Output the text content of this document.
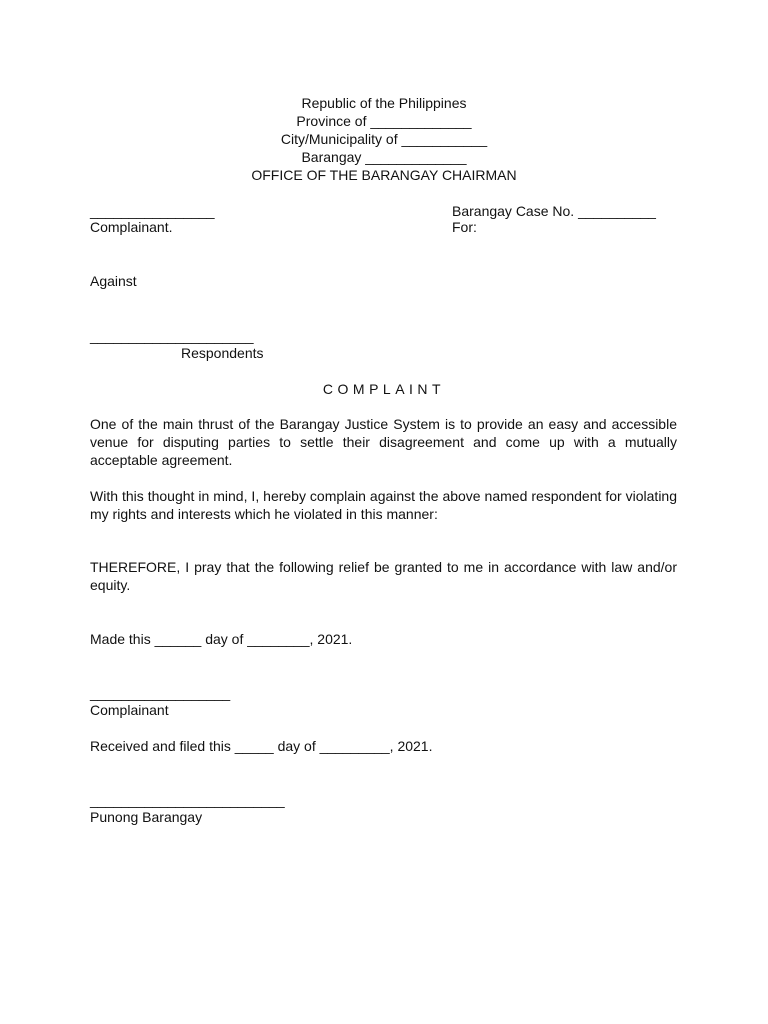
Republic of the Philippines
Province of _____________
City/Municipality of ___________
Barangay _____________
OFFICE OF THE BARANGAY CHAIRMAN
________________
Complainant.
Barangay Case No. __________
For:
Against
_____________________
Respondents
COMPLAINT
One of the main thrust of the Barangay Justice System is to provide an easy and accessible venue for disputing parties to settle their disagreement and come up with a mutually acceptable agreement.
With this thought in mind, I, hereby complain against the above named respondent for violating my rights and interests which he violated in this manner:
THEREFORE, I pray that the following relief be granted to me in accordance with law and/or equity.
Made this ______ day of ________, 2021.
__________________
Complainant
Received and filed this _____ day of _________, 2021.
_________________________
Punong Barangay
